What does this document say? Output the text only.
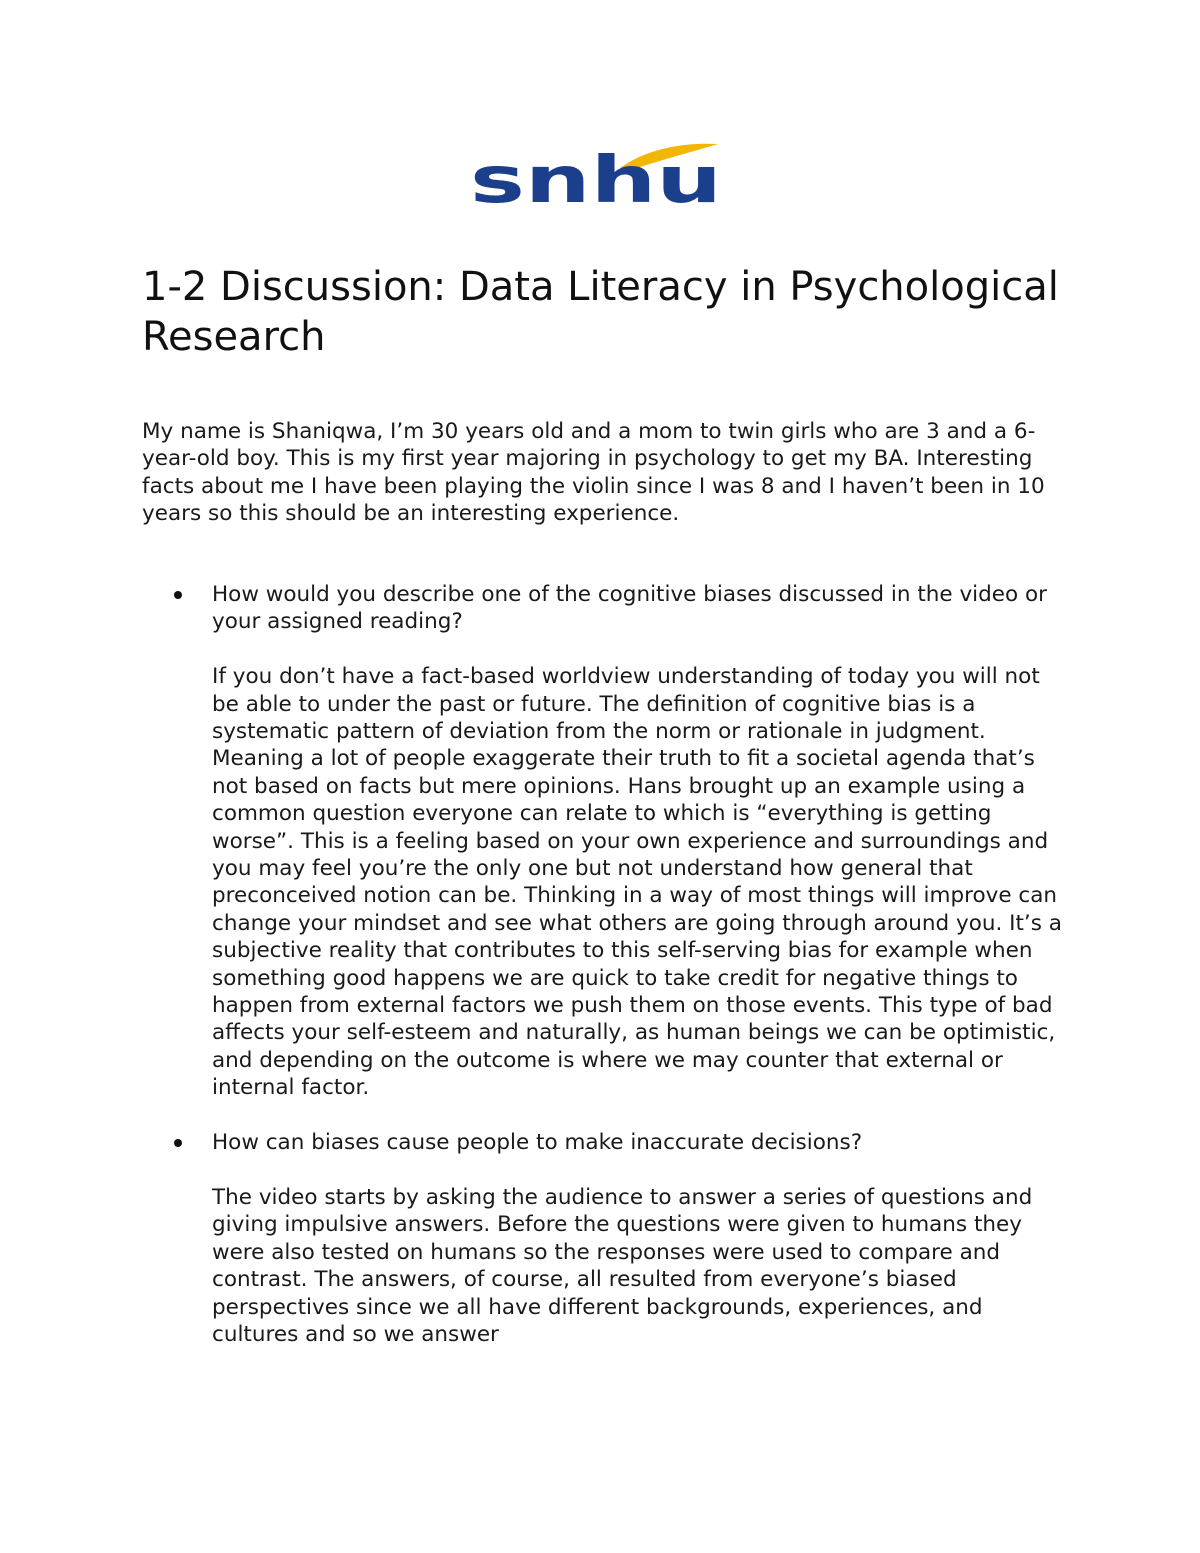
snhu
1-2 Discussion: Data Literacy in Psychological Research

My name is Shaniqwa, I’m 30 years old and a mom to twin girls who are 3 and a 6-year-old boy. This is my first year majoring in psychology to get my BA. Interesting facts about me I have been playing the violin since I was 8 and I haven’t been in 10 years so this should be an interesting experience.

How would you describe one of the cognitive biases discussed in the video or your assigned reading?

If you don’t have a fact-based worldview understanding of today you will not be able to under the past or future. The definition of cognitive bias is a systematic pattern of deviation from the norm or rationale in judgment. Meaning a lot of people exaggerate their truth to fit a societal agenda that’s not based on facts but mere opinions. Hans brought up an example using a common question everyone can relate to which is “everything is getting worse”. This is a feeling based on your own experience and surroundings and you may feel you’re the only one but not understand how general that preconceived notion can be. Thinking in a way of most things will improve can change your mindset and see what others are going through around you. It’s a subjective reality that contributes to this self-serving bias for example when something good happens we are quick to take credit for negative things to happen from external factors we push them on those events. This type of bad affects your self-esteem and naturally, as human beings we can be optimistic, and depending on the outcome is where we may counter that external or internal factor.

How can biases cause people to make inaccurate decisions?

The video starts by asking the audience to answer a series of questions and giving impulsive answers. Before the questions were given to humans they were also tested on humans so the responses were used to compare and contrast. The answers, of course, all resulted from everyone’s biased perspectives since we all have different backgrounds, experiences, and cultures and so we answer
